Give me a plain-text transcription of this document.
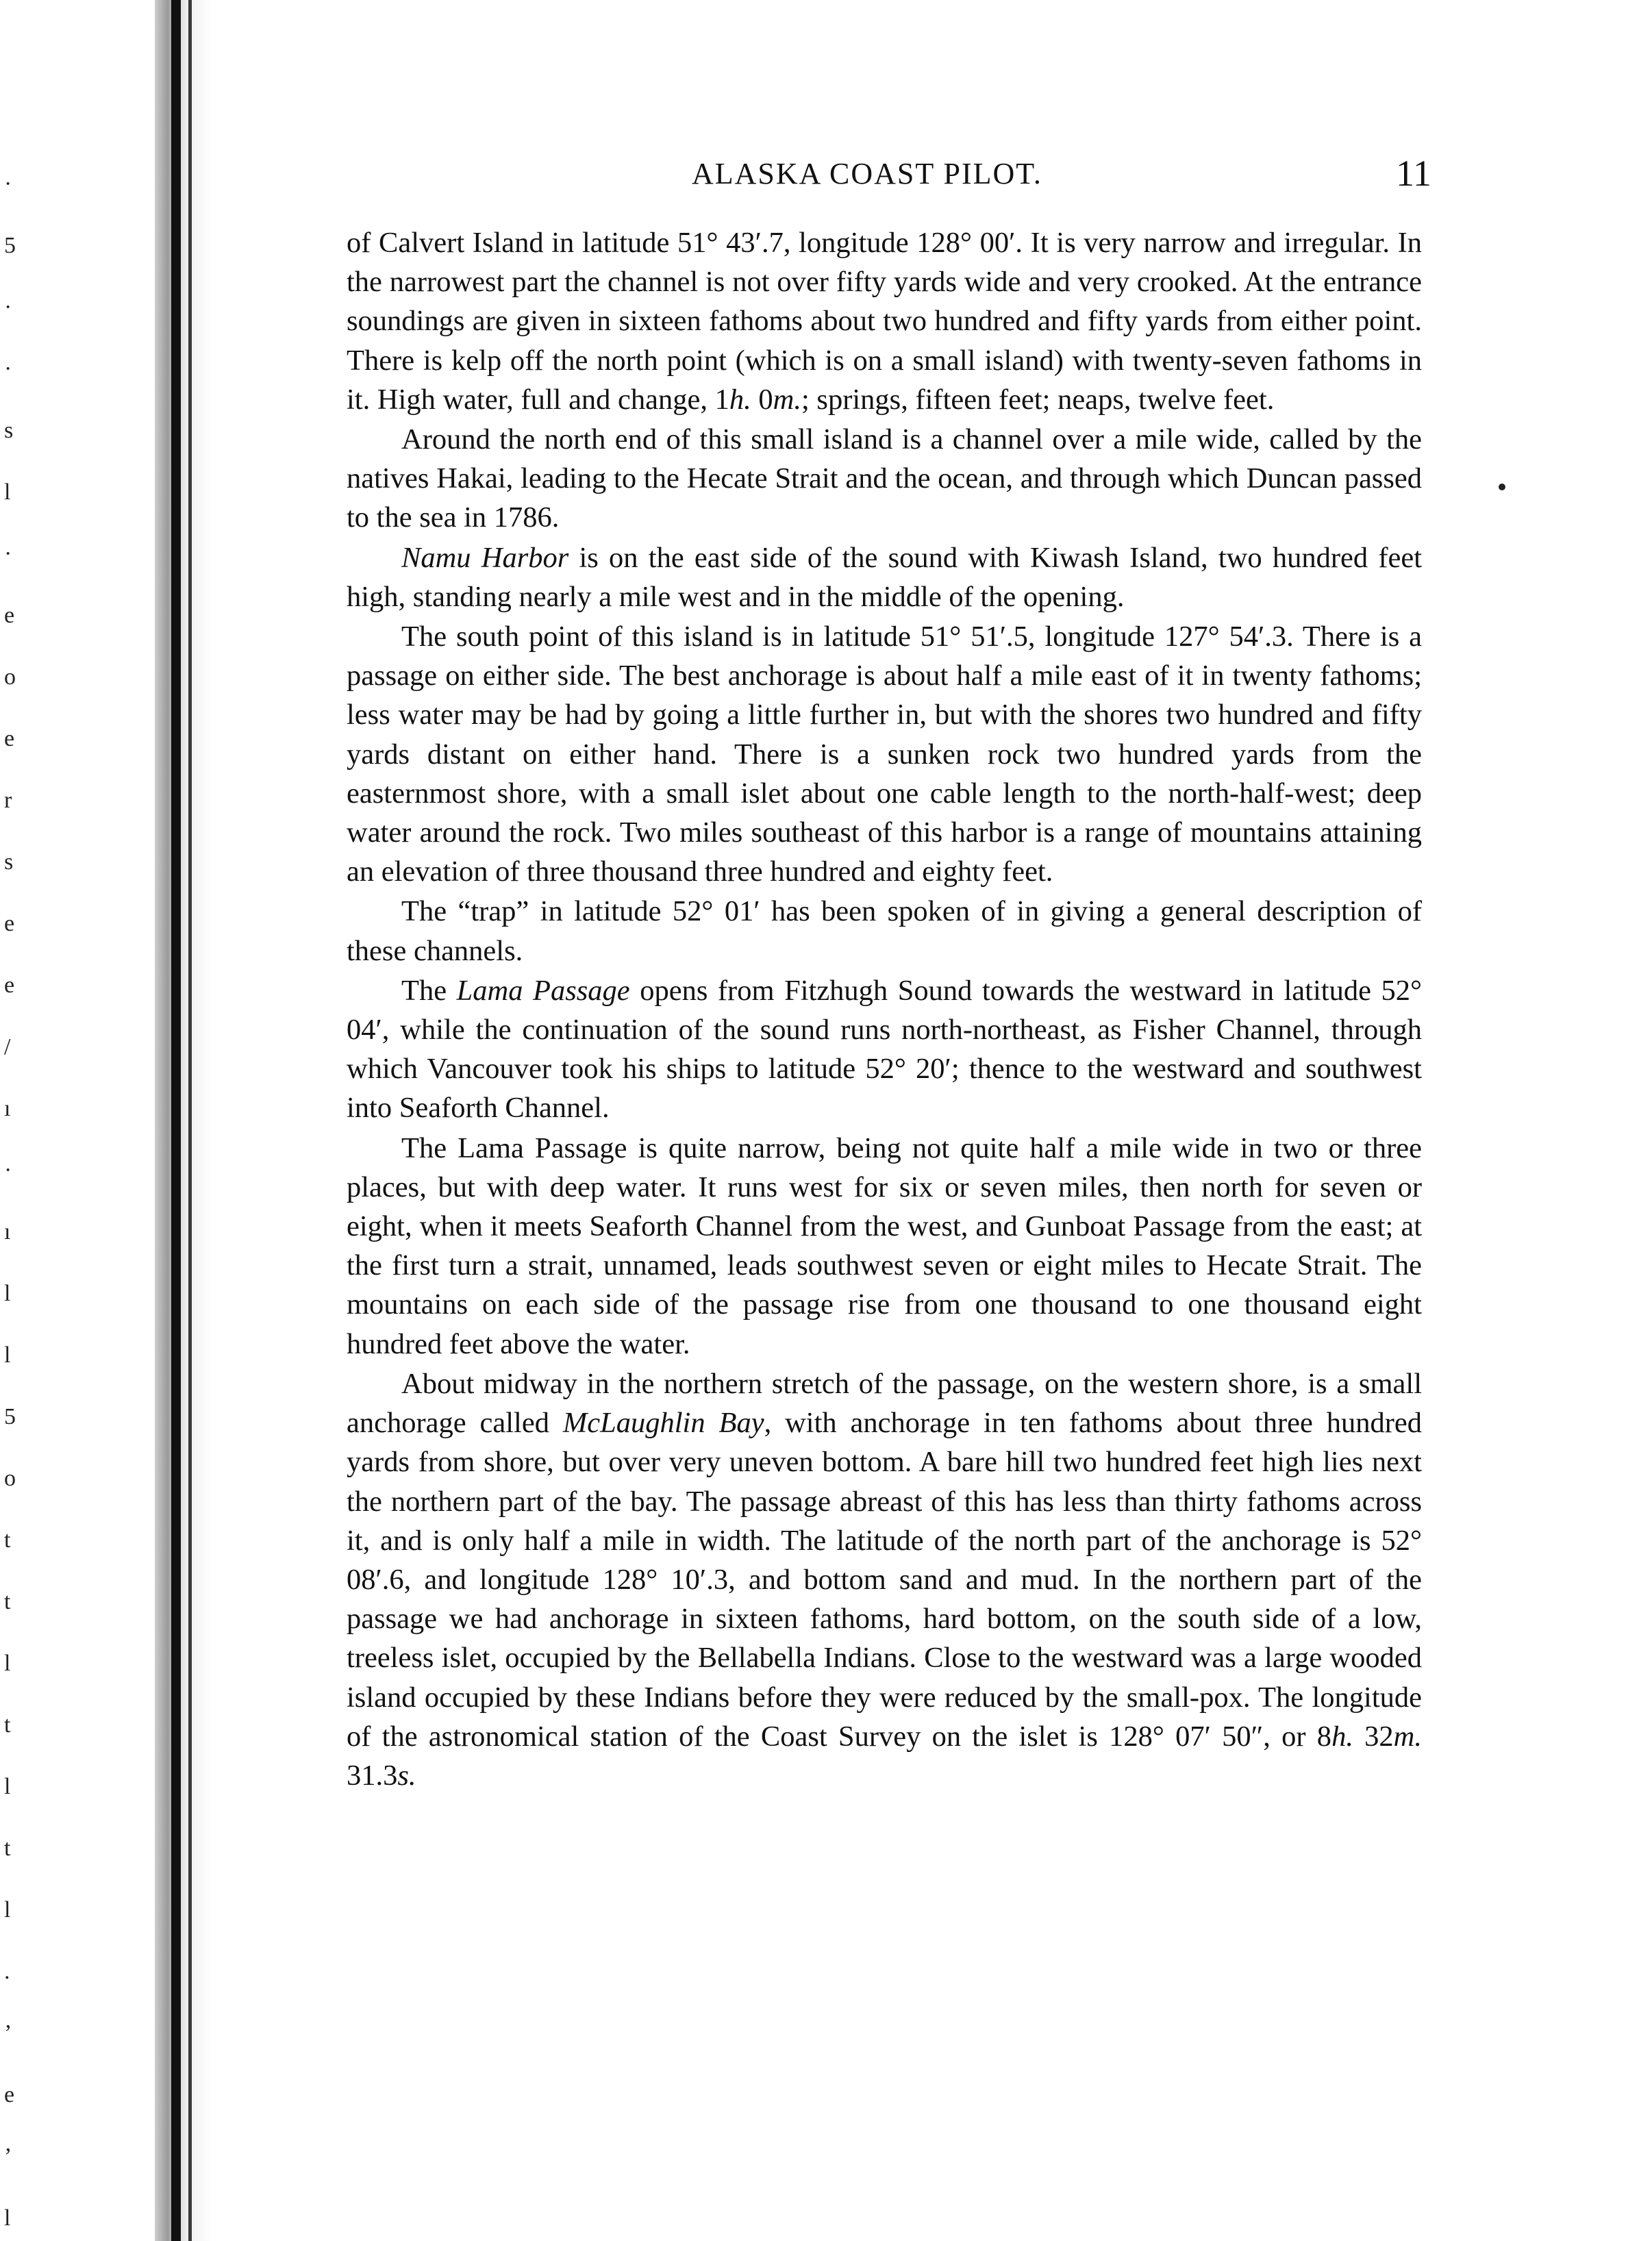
·
5
·
·
s
l
·
e
o
e
r
s
e
e
/
ı
·
ı
l
l
5
o
t
t
l
t
l
t
l
.
’
e
’
l
ALASKA COAST PILOT.	11

of Calvert Island in latitude 51° 43′.7, longitude 128° 00′. It is very narrow and irregular. In the narrowest part the channel is not over fifty yards wide and very crooked. At the entrance soundings are given in sixteen fathoms about two hundred and fifty yards from either point. There is kelp off the north point (which is on a small island) with twenty-seven fathoms in it. High water, full and change, 1h. 0m.; springs, fifteen feet; neaps, twelve feet.

Around the north end of this small island is a channel over a mile wide, called by the natives Hakai, leading to the Hecate Strait and the ocean, and through which Duncan passed to the sea in 1786.

Namu Harbor is on the east side of the sound with Kiwash Island, two hundred feet high, standing nearly a mile west and in the middle of the opening.

The south point of this island is in latitude 51° 51′.5, longitude 127° 54′.3. There is a passage on either side. The best anchorage is about half a mile east of it in twenty fathoms; less water may be had by going a little further in, but with the shores two hundred and fifty yards distant on either hand. There is a sunken rock two hundred yards from the easternmost shore, with a small islet about one cable length to the north-half-west; deep water around the rock. Two miles southeast of this harbor is a range of mountains attaining an elevation of three thousand three hundred and eighty feet.

The “trap” in latitude 52° 01′ has been spoken of in giving a general description of these channels.

The Lama Passage opens from Fitzhugh Sound towards the westward in latitude 52° 04′, while the continuation of the sound runs north-northeast, as Fisher Channel, through which Vancouver took his ships to latitude 52° 20′; thence to the westward and southwest into Seaforth Channel.

The Lama Passage is quite narrow, being not quite half a mile wide in two or three places, but with deep water. It runs west for six or seven miles, then north for seven or eight, when it meets Seaforth Channel from the west, and Gunboat Passage from the east; at the first turn a strait, unnamed, leads southwest seven or eight miles to Hecate Strait. The mountains on each side of the passage rise from one thousand to one thousand eight hundred feet above the water.

About midway in the northern stretch of the passage, on the western shore, is a small anchorage called McLaughlin Bay, with anchorage in ten fathoms about three hundred yards from shore, but over very uneven bottom. A bare hill two hundred feet high lies next the northern part of the bay. The passage abreast of this has less than thirty fathoms across it, and is only half a mile in width. The latitude of the north part of the anchorage is 52° 08′.6, and longitude 128° 10′.3, and bottom sand and mud. In the northern part of the passage we had anchorage in sixteen fathoms, hard bottom, on the south side of a low, treeless islet, occupied by the Bellabella Indians. Close to the westward was a large wooded island occupied by these Indians before they were reduced by the small-pox. The longitude of the astronomical station of the Coast Survey on the islet is 128° 07′ 50″, or 8h. 32m. 31.3s.
